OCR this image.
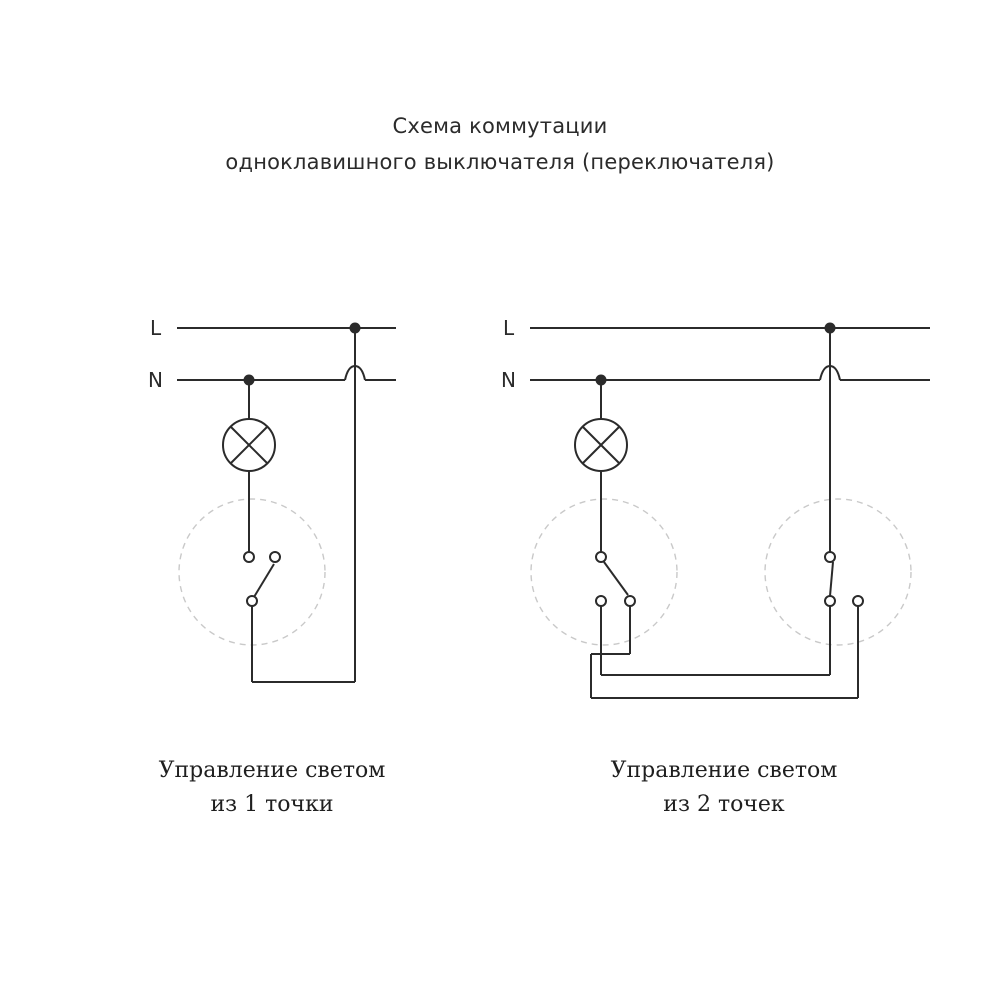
Схема коммутации
одноклавишного выключателя (переключателя)
L
N
L
N
Управление светом
из 1 точки
Управление светом
из 2 точек
